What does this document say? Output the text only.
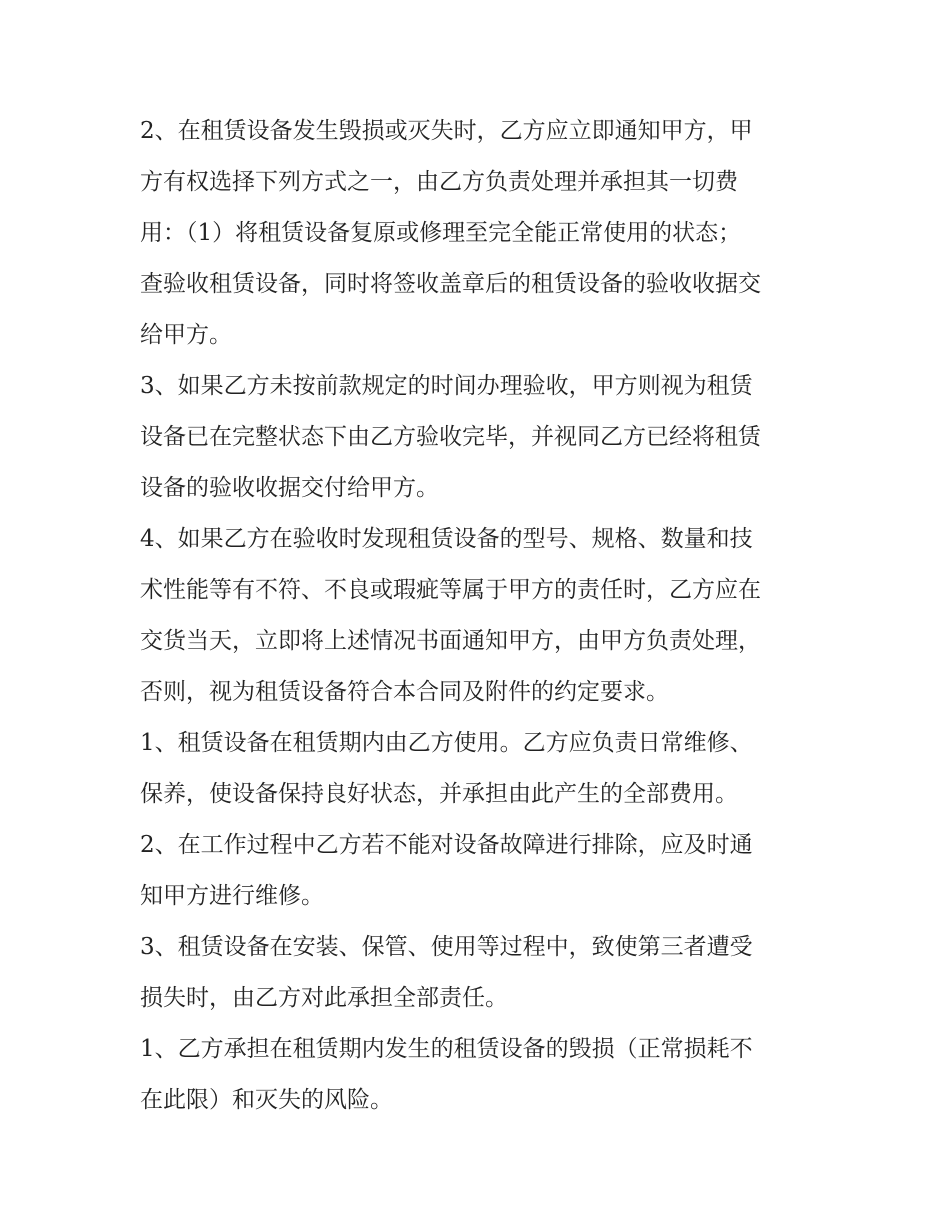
2、在租赁设备发生毁损或灭失时，乙方应立即通知甲方，甲
方有权选择下列方式之一，由乙方负责处理并承担其一切费
用：（1）将租赁设备复原或修理至完全能正常使用的状态；
查验收租赁设备，同时将签收盖章后的租赁设备的验收收据交
给甲方。
3、如果乙方未按前款规定的时间办理验收，甲方则视为租赁
设备已在完整状态下由乙方验收完毕，并视同乙方已经将租赁
设备的验收收据交付给甲方。
4、如果乙方在验收时发现租赁设备的型号、规格、数量和技
术性能等有不符、不良或瑕疵等属于甲方的责任时，乙方应在
交货当天，立即将上述情况书面通知甲方，由甲方负责处理，
否则，视为租赁设备符合本合同及附件的约定要求。
1、租赁设备在租赁期内由乙方使用。乙方应负责日常维修、
保养，使设备保持良好状态，并承担由此产生的全部费用。
2、在工作过程中乙方若不能对设备故障进行排除，应及时通
知甲方进行维修。
3、租赁设备在安装、保管、使用等过程中，致使第三者遭受
损失时，由乙方对此承担全部责任。
1、乙方承担在租赁期内发生的租赁设备的毁损（正常损耗不
在此限）和灭失的风险。
